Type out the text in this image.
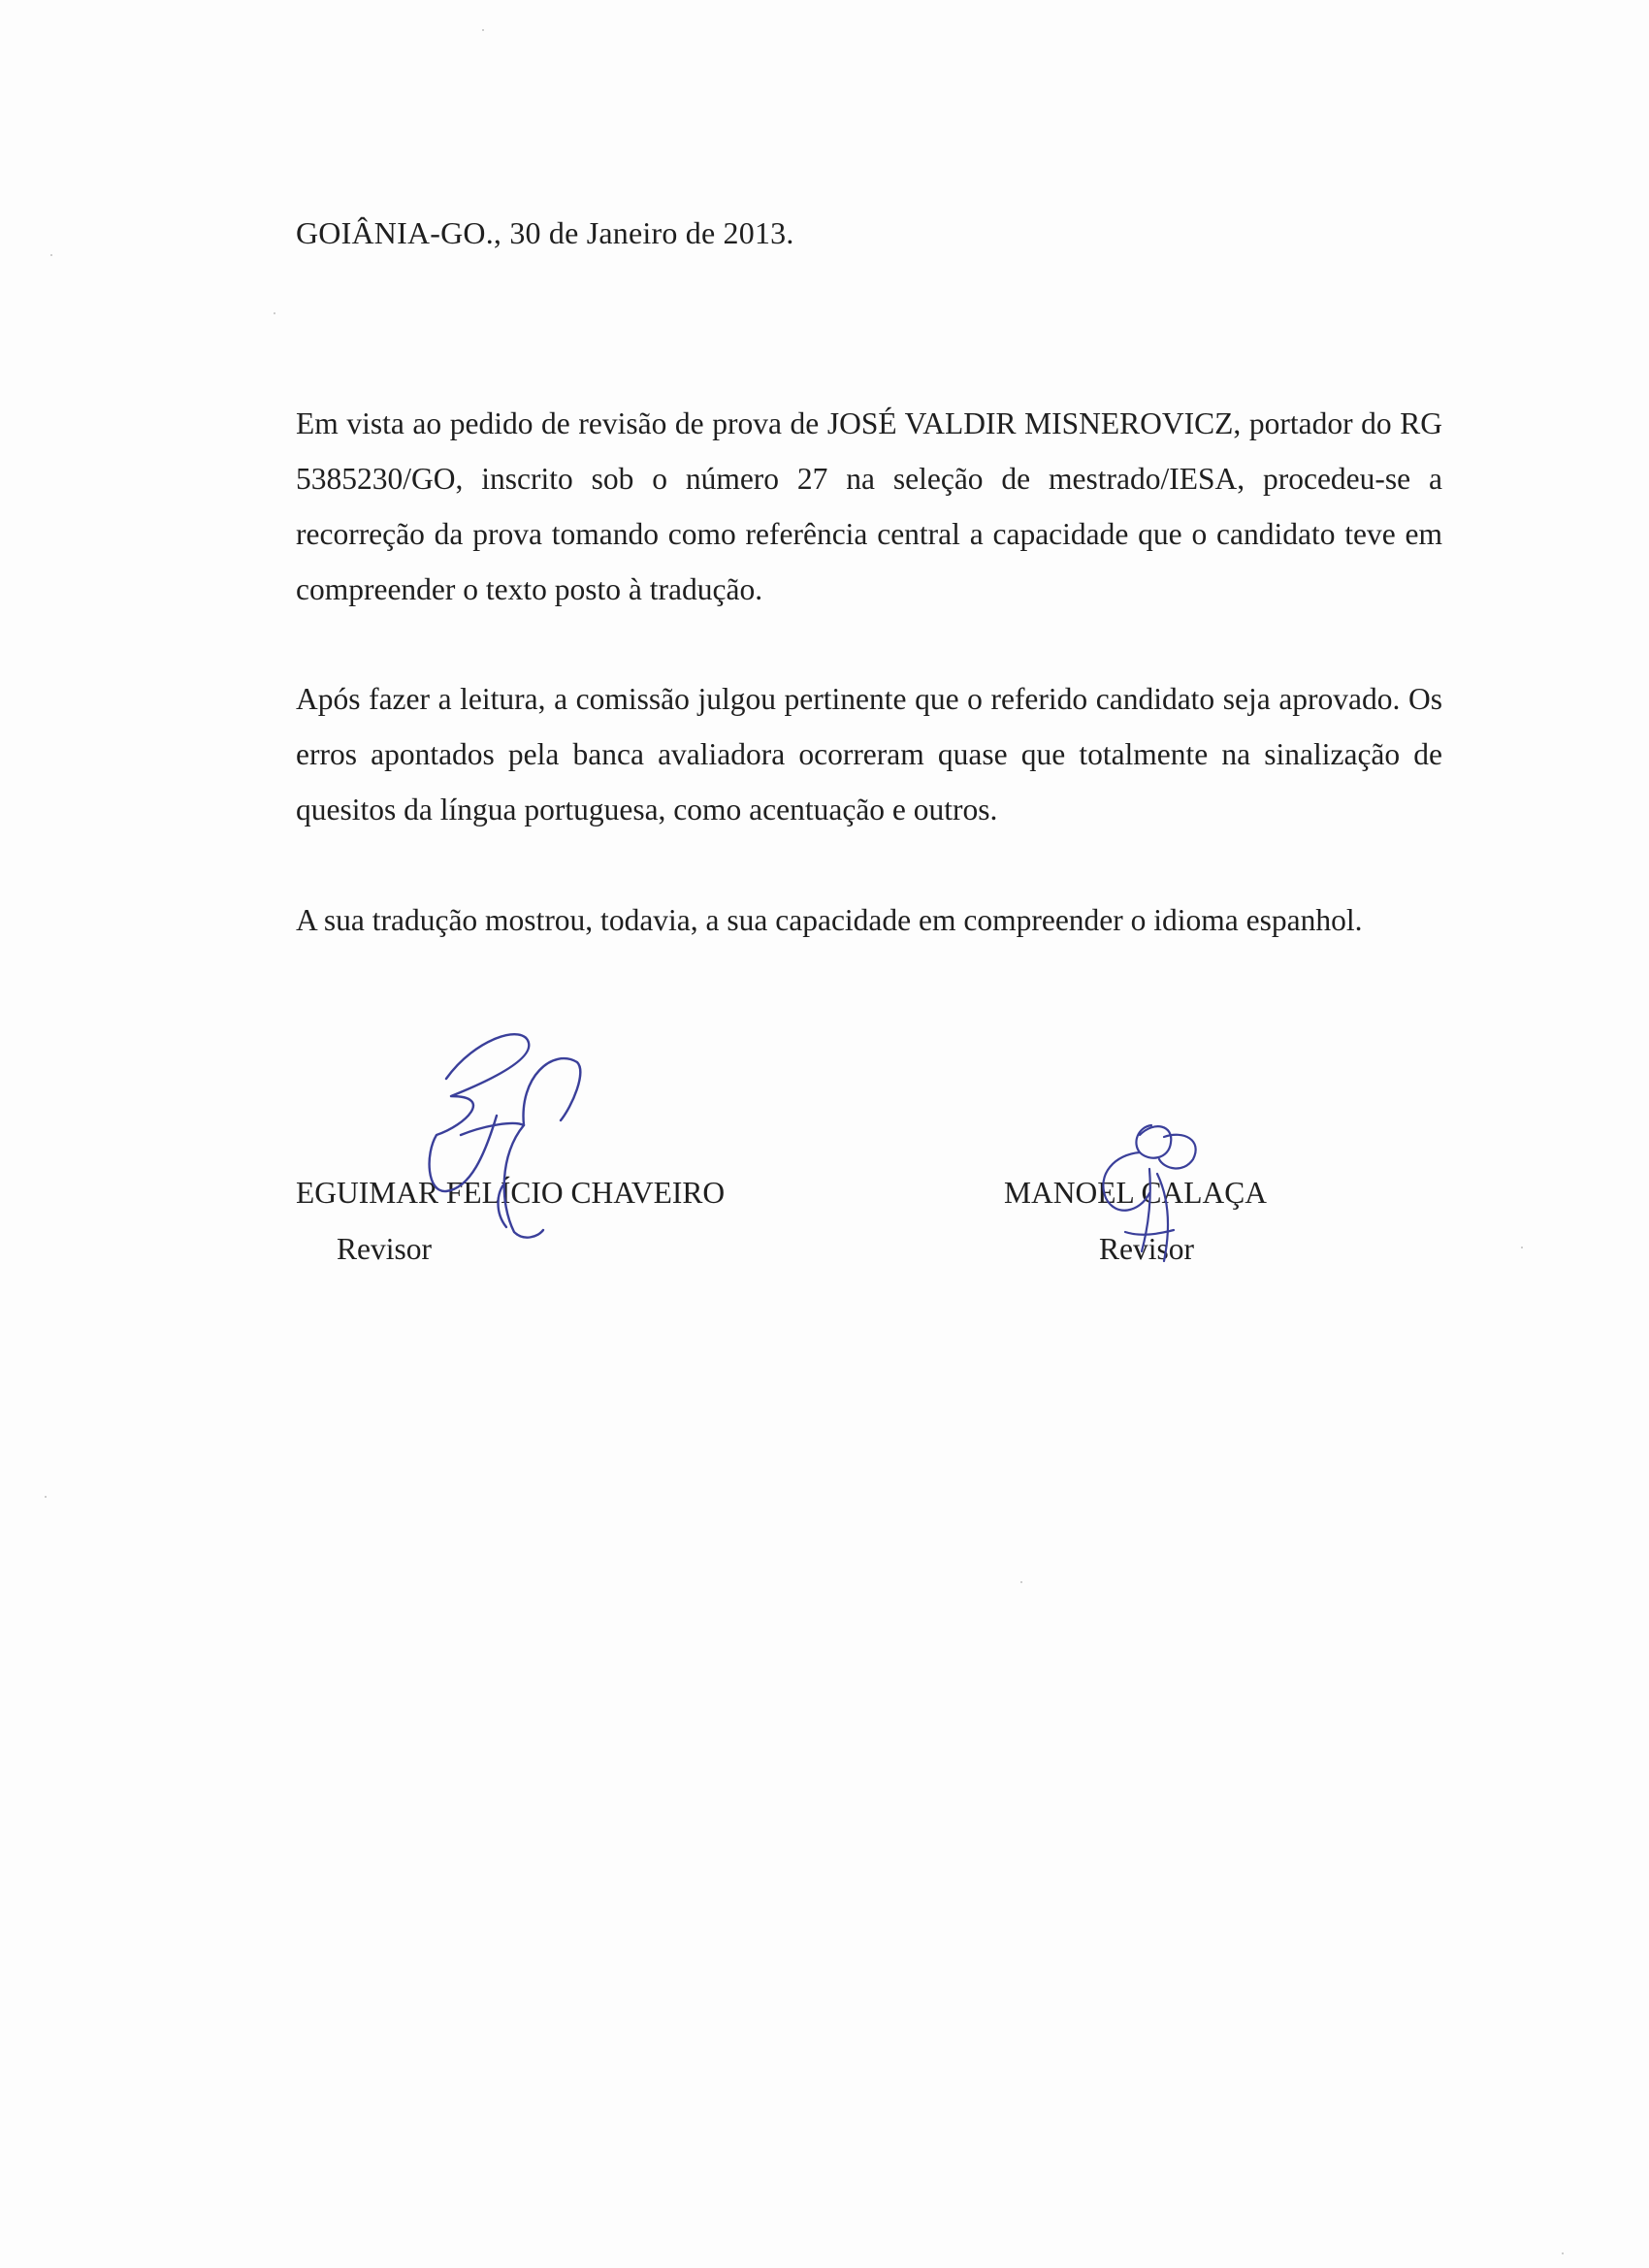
GOIÂNIA-GO., 30 de Janeiro de 2013.
Em vista ao pedido de revisão de prova de JOSÉ VALDIR MISNEROVICZ, portador do RG 5385230/GO, inscrito sob o número 27 na seleção de mestrado/IESA, procedeu-se a recorreção da prova tomando como referência central a capacidade que o candidato teve em compreender o texto posto à tradução.
Após fazer a leitura, a comissão julgou pertinente que o referido candidato seja aprovado. Os erros apontados pela banca avaliadora ocorreram quase que totalmente na sinalização de quesitos da língua portuguesa, como acentuação e outros.
A sua tradução mostrou, todavia, a sua capacidade em compreender o idioma espanhol.
EGUIMAR FELÍCIO CHAVEIRO
Revisor
MANOEL CALAÇA
Revisor
